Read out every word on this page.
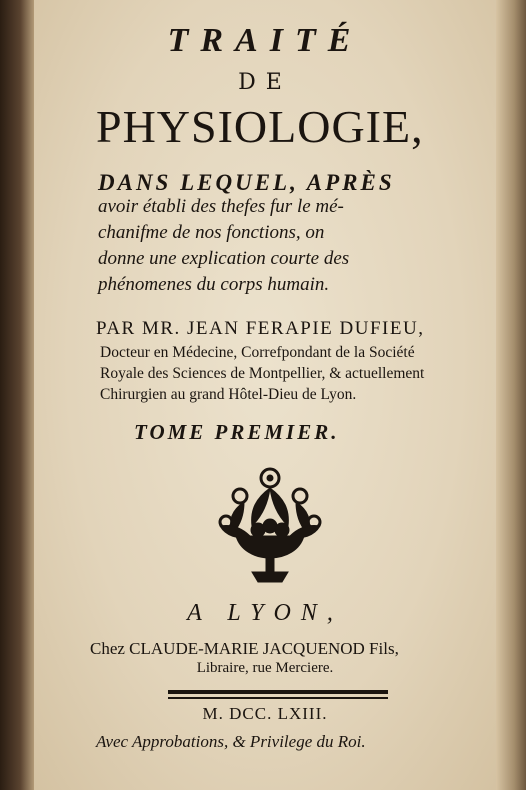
TRAITÉ
DE
PHYSIOLOGIE,
DANS LEQUEL, APRÈS
avoir établi des thefes fur le mé-
chanifme de nos fonctions, on
donne une explication courte des
phénomenes du corps humain.
PAR MR. JEAN FERAPIE DUFIEU,
Docteur en Médecine, Correfpondant de la Société
Royale des Sciences de Montpellier, & actuellement
Chirurgien au grand Hôtel-Dieu de Lyon.
TOME PREMIER.
A LYON,
Chez CLAUDE-MARIE JACQUENOD Fils,
Libraire, rue Merciere.
M. DCC. LXIII.
Avec Approbations, & Privilege du Roi.
